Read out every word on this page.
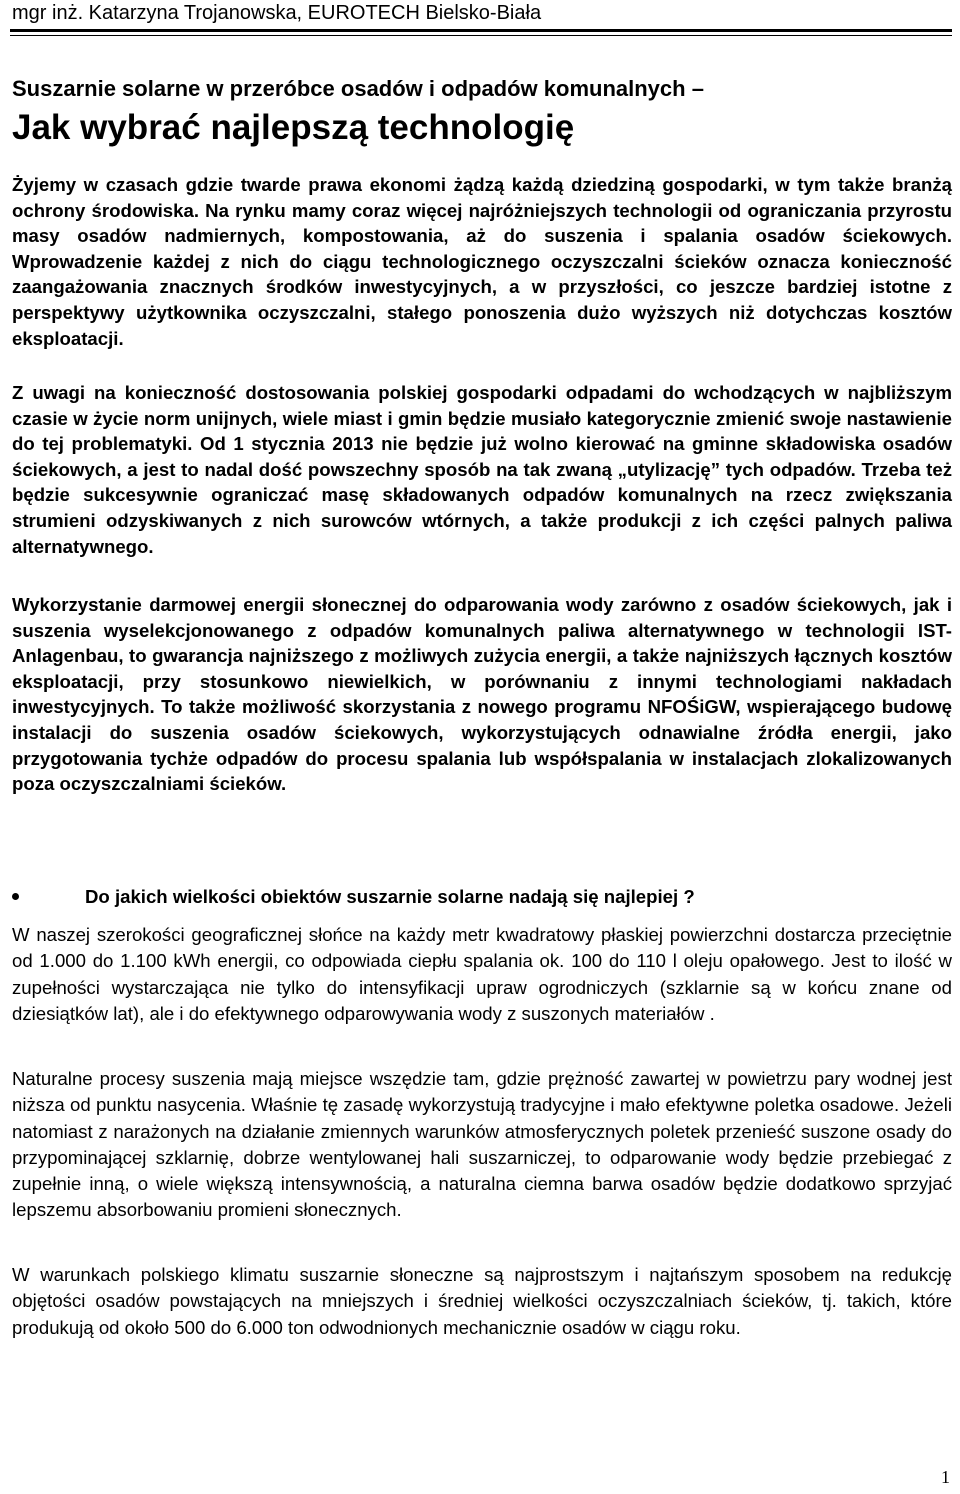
mgr inż. Katarzyna Trojanowska, EUROTECH Bielsko-Biała
Suszarnie solarne w przeróbce osadów i odpadów komunalnych –
Jak wybrać najlepszą technologię

Żyjemy w czasach gdzie twarde prawa ekonomi żądzą każdą dziedziną gospodarki, w tym także branżą ochrony środowiska. Na rynku mamy coraz więcej najróżniejszych technologii od ograniczania przyrostu masy osadów nadmiernych, kompostowania, aż do suszenia i spalania osadów ściekowych. Wprowadzenie każdej z nich do ciągu technologicznego oczyszczalni ścieków oznacza konieczność zaangażowania znacznych środków inwestycyjnych, a w przyszłości, co jeszcze bardziej istotne z perspektywy użytkownika oczyszczalni, stałego ponoszenia dużo wyższych niż dotychczas kosztów eksploatacji.

Z uwagi na konieczność dostosowania polskiej gospodarki odpadami do wchodzących w najbliższym czasie w życie norm unijnych, wiele miast i gmin będzie musiało kategorycznie zmienić swoje nastawienie do tej problematyki. Od 1 stycznia 2013 nie będzie już wolno kierować na gminne składowiska osadów ściekowych, a jest to nadal dość powszechny sposób na tak zwaną „utylizację” tych odpadów. Trzeba też będzie sukcesywnie ograniczać masę składowanych odpadów komunalnych na rzecz zwiększania strumieni odzyskiwanych z nich surowców wtórnych, a także produkcji z ich części palnych paliwa alternatywnego.

Wykorzystanie darmowej energii słonecznej do odparowania wody zarówno z osadów ściekowych, jak i suszenia wyselekcjonowanego z odpadów komunalnych paliwa alternatywnego w technologii IST-Anlagenbau, to gwarancja najniższego z możliwych zużycia energii, a także najniższych łącznych kosztów eksploatacji, przy stosunkowo niewielkich, w porównaniu z innymi technologiami nakładach inwestycyjnych. To także możliwość skorzystania z nowego programu NFOŚiGW, wspierającego budowę instalacji do suszenia osadów ściekowych, wykorzystujących odnawialne źródła energii, jako przygotowania tychże odpadów do procesu spalania lub współspalania w instalacjach zlokalizowanych poza oczyszczalniami ścieków.

Do jakich wielkości obiektów suszarnie solarne nadają się najlepiej ?

W naszej szerokości geograficznej słońce na każdy metr kwadratowy płaskiej powierzchni dostarcza przeciętnie od 1.000 do 1.100 kWh energii, co odpowiada ciepłu spalania ok. 100 do 110 l oleju opałowego. Jest to ilość w zupełności wystarczająca nie tylko do intensyfikacji upraw ogrodniczych (szklarnie są w końcu znane od dziesiątków lat), ale i do efektywnego odparowywania wody z suszonych materiałów .

Naturalne procesy suszenia mają miejsce wszędzie tam, gdzie prężność zawartej w powietrzu pary wodnej jest niższa od punktu nasycenia. Właśnie tę zasadę wykorzystują tradycyjne i mało efektywne poletka osadowe. Jeżeli natomiast z narażonych na działanie zmiennych warunków atmosferycznych poletek przenieść suszone osady do przypominającej szklarnię, dobrze wentylowanej hali suszarniczej, to odparowanie wody będzie przebiegać z zupełnie inną, o wiele większą intensywnością, a naturalna ciemna barwa osadów będzie dodatkowo sprzyjać lepszemu absorbowaniu promieni słonecznych.

W warunkach polskiego klimatu suszarnie słoneczne są najprostszym i najtańszym sposobem na redukcję objętości osadów powstających na mniejszych i średniej wielkości oczyszczalniach ścieków, tj. takich, które produkują od około 500 do 6.000 ton odwodnionych mechanicznie osadów w ciągu roku.

1
